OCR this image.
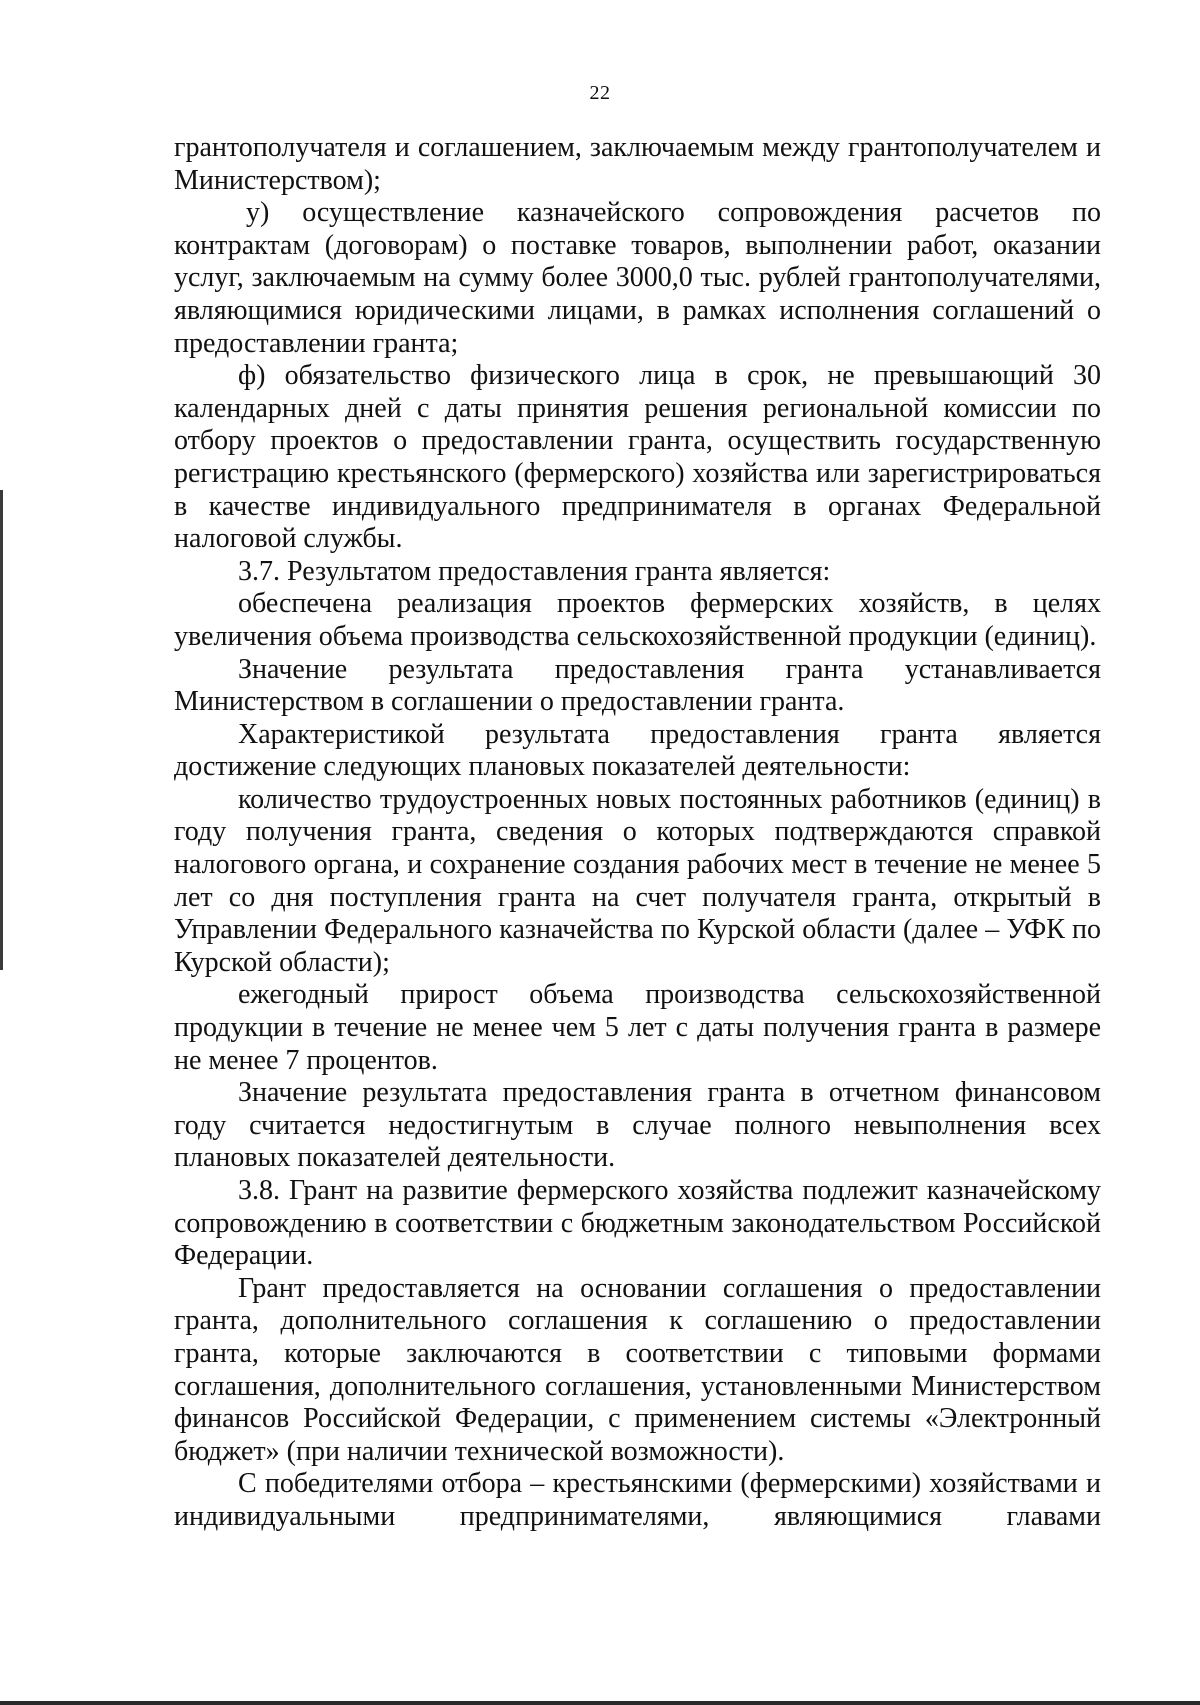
22

грантополучателя и соглашением, заключаемым между грантополучателем и Министерством);

у) осуществление казначейского сопровождения расчетов по контрактам (договорам) о поставке товаров, выполнении работ, оказании услуг, заключаемым на сумму более 3000,0 тыс. рублей грантополучателями, являющимися юридическими лицами, в рамках исполнения соглашений о предоставлении гранта;

ф) обязательство физического лица в срок, не превышающий 30 календарных дней с даты принятия решения региональной комиссии по отбору проектов о предоставлении гранта, осуществить государственную регистрацию крестьянского (фермерского) хозяйства или зарегистрироваться в качестве индивидуального предпринимателя в органах Федеральной налоговой службы.

3.7. Результатом предоставления гранта является:

обеспечена реализация проектов фермерских хозяйств, в целях увеличения объема производства сельскохозяйственной продукции (единиц).

Значение результата предоставления гранта устанавливается Министерством в соглашении о предоставлении гранта.

Характеристикой результата предоставления гранта является достижение следующих плановых показателей деятельности:

количество трудоустроенных новых постоянных работников (единиц) в году получения гранта, сведения о которых подтверждаются справкой налогового органа, и сохранение создания рабочих мест в течение не менее 5 лет со дня поступления гранта на счет получателя гранта, открытый в Управлении Федерального казначейства по Курской области (далее – УФК по Курской области);

ежегодный прирост объема производства сельскохозяйственной продукции в течение не менее чем 5 лет с даты получения гранта в размере не менее 7 процентов.

Значение результата предоставления гранта в отчетном финансовом году считается недостигнутым в случае полного невыполнения всех плановых показателей деятельности.

3.8. Грант на развитие фермерского хозяйства подлежит казначейскому сопровождению в соответствии с бюджетным законодательством Российской Федерации.

Грант предоставляется на основании соглашения о предоставлении гранта, дополнительного соглашения к соглашению о предоставлении гранта, которые заключаются в соответствии с типовыми формами соглашения, дополнительного соглашения, установленными Министерством финансов Российской Федерации, с применением системы «Электронный бюджет» (при наличии технической возможности).

С победителями отбора – крестьянскими (фермерскими) хозяйствами и индивидуальными предпринимателями, являющимися главами
